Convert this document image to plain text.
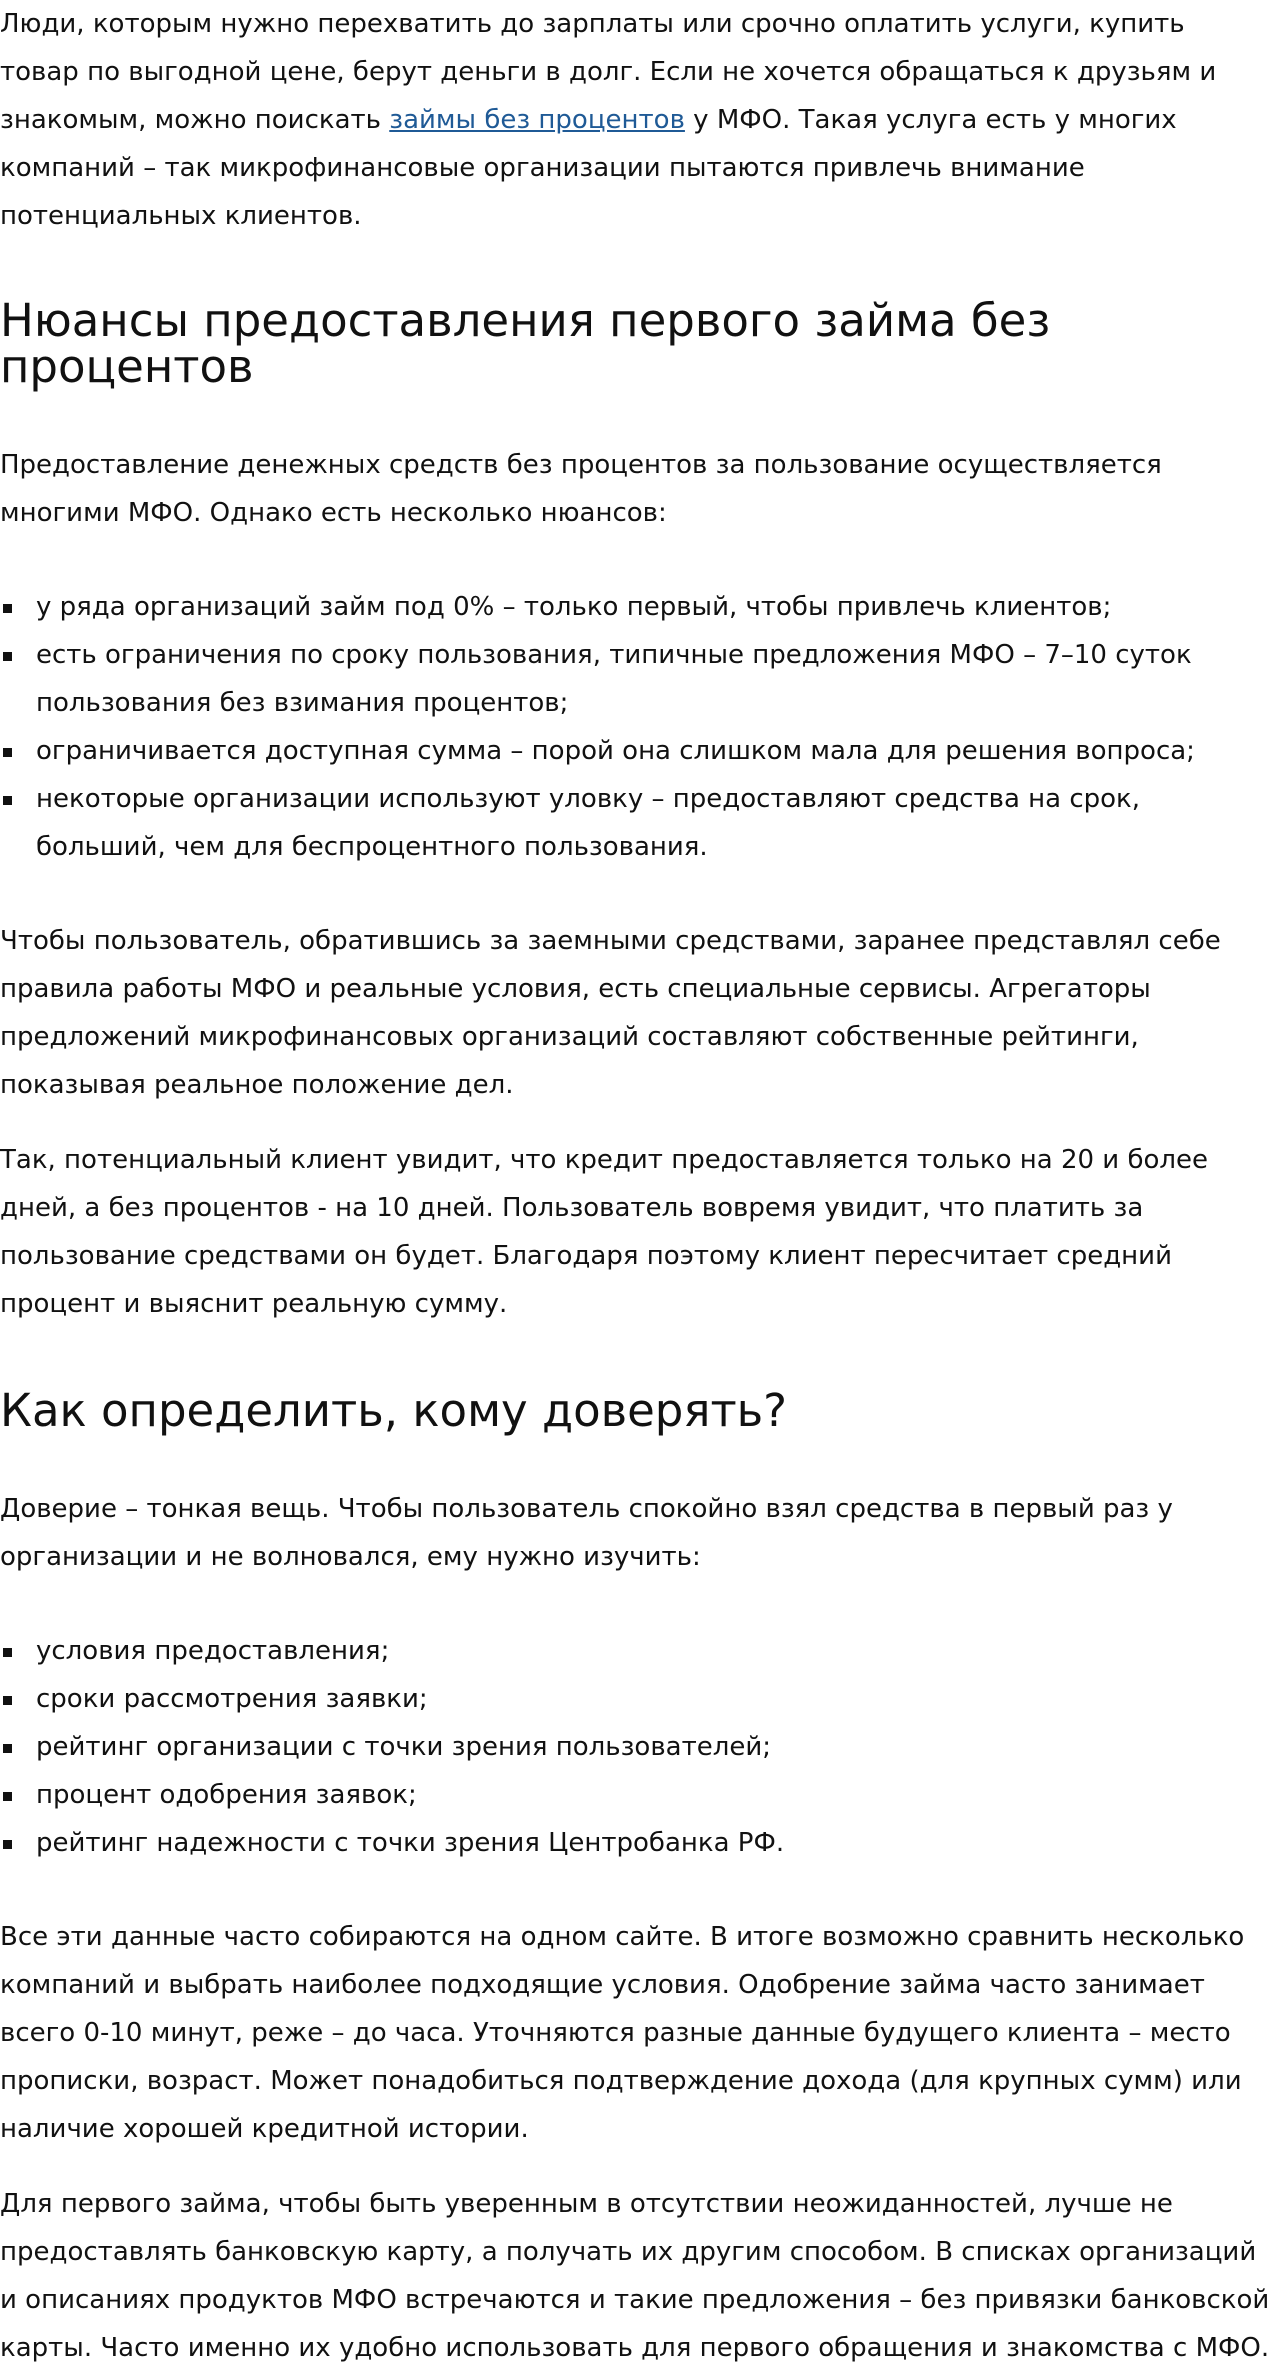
Люди, которым нужно перехватить до зарплаты или срочно оплатить услуги, купить товар по выгодной цене, берут деньги в долг. Если не хочется обращаться к друзьям и знакомым, можно поискать займы без процентов у МФО. Такая услуга есть у многих компаний – так микрофинансовые организации пытаются привлечь внимание потенциальных клиентов.

Нюансы предоставления первого займа без процентов

Предоставление денежных средств без процентов за пользование осуществляется многими МФО. Однако есть несколько нюансов:

у ряда организаций займ под 0% – только первый, чтобы привлечь клиентов;
есть ограничения по сроку пользования, типичные предложения МФО – 7–10 суток пользования без взимания процентов;
ограничивается доступная сумма – порой она слишком мала для решения вопроса;
некоторые организации используют уловку – предоставляют средства на срок, больший, чем для беспроцентного пользования.

Чтобы пользователь, обратившись за заемными средствами, заранее представлял себе правила работы МФО и реальные условия, есть специальные сервисы. Агрегаторы предложений микрофинансовых организаций составляют собственные рейтинги, показывая реальное положение дел.

Так, потенциальный клиент увидит, что кредит предоставляется только на 20 и более дней, а без процентов - на 10 дней. Пользователь вовремя увидит, что платить за пользование средствами он будет. Благодаря поэтому клиент пересчитает средний процент и выяснит реальную сумму.

Как определить, кому доверять?

Доверие – тонкая вещь. Чтобы пользователь спокойно взял средства в первый раз у организации и не волновался, ему нужно изучить:

условия предоставления;
сроки рассмотрения заявки;
рейтинг организации с точки зрения пользователей;
процент одобрения заявок;
рейтинг надежности с точки зрения Центробанка РФ.

Все эти данные часто собираются на одном сайте. В итоге возможно сравнить несколько компаний и выбрать наиболее подходящие условия. Одобрение займа часто занимает всего 0-10 минут, реже – до часа. Уточняются разные данные будущего клиента – место прописки, возраст. Может понадобиться подтверждение дохода (для крупных сумм) или наличие хорошей кредитной истории.

Для первого займа, чтобы быть уверенным в отсутствии неожиданностей, лучше не предоставлять банковскую карту, а получать их другим способом. В списках организаций и описаниях продуктов МФО встречаются и такие предложения – без привязки банковской карты. Часто именно их удобно использовать для первого обращения и знакомства с МФО.
